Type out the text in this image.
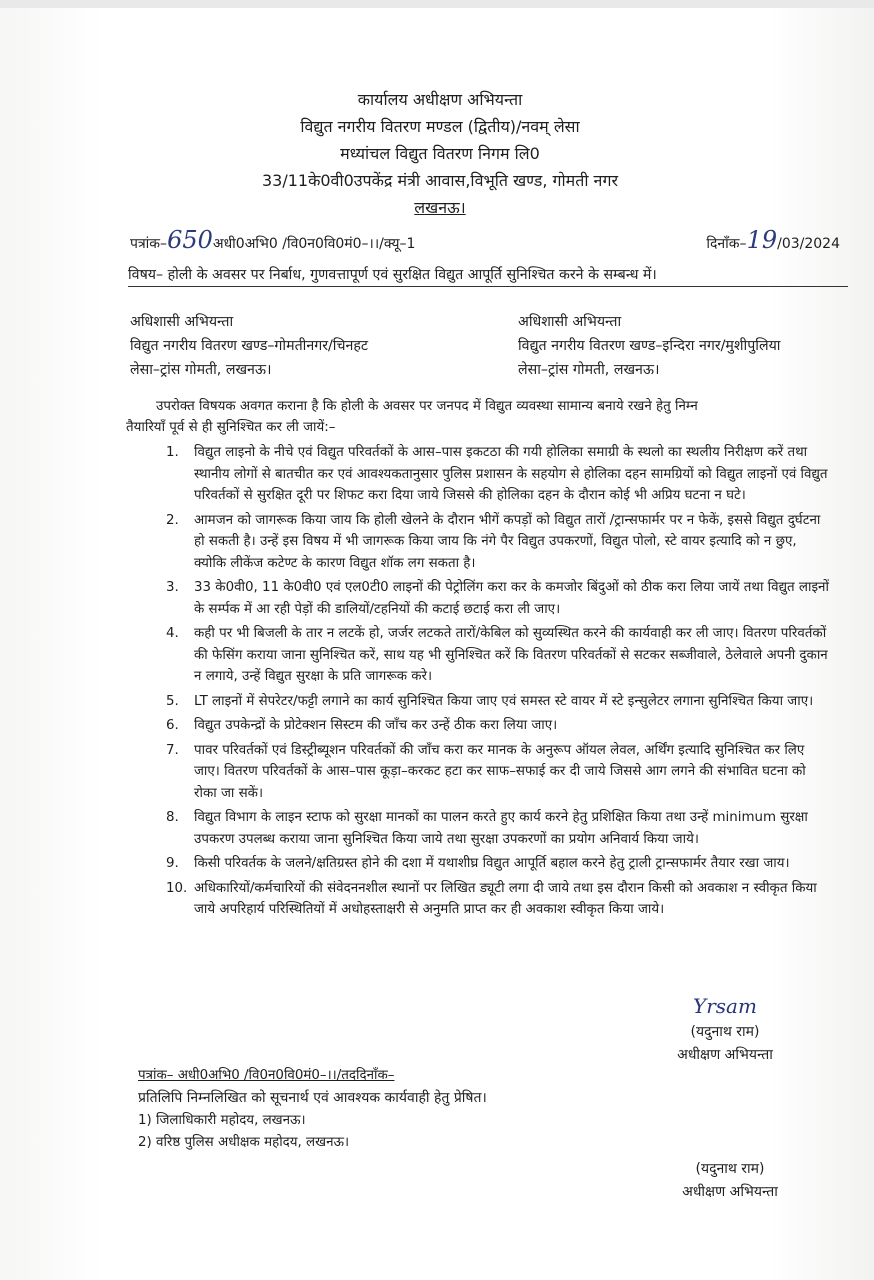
कार्यालय अधीक्षण अभियन्ता
विद्युत नगरीय वितरण मण्डल (द्वितीय)/नवम् लेसा
मध्यांचल विद्युत वितरण निगम लि0
33/11के0वी0उपकेंद्र मंत्री आवास,विभूति खण्ड, गोमती नगर
लखनऊ।
पत्रांक–650अधी0अभि0 /वि0न0वि0मं0–।।/क्यू–1	दिनाँक–19/03/2024
विषय– होली के अवसर पर निर्बाध, गुणवत्तापूर्ण एवं सुरक्षित विद्युत आपूर्ति सुनिश्चित करने के सम्बन्ध में।
अधिशासी अभियन्ता
विद्युत नगरीय वितरण खण्ड–गोमतीनगर/चिनहट
लेसा–ट्रांस गोमती, लखनऊ।
अधिशासी अभियन्ता
विद्युत नगरीय वितरण खण्ड–इन्दिरा नगर/मुशीपुलिया
लेसा–ट्रांस गोमती, लखनऊ।
उपरोक्त विषयक अवगत कराना है कि होली के अवसर पर जनपद में विद्युत व्यवस्था सामान्य बनाये रखने हेतु निम्न
तैयारियाँ पूर्व से ही सुनिश्चित कर ली जायें:–
1. विद्युत लाइनो के नीचे एवं विद्युत परिवर्तकों के आस–पास इकटठा की गयी होलिका समाग्री के स्थलो का स्थलीय निरीक्षण करें तथा स्थानीय लोगों से बातचीत कर एवं आवश्यकतानुसार पुलिस प्रशासन के सहयोग से होलिका दहन सामग्रियों को विद्युत लाइनों एवं विद्युत परिवर्तकों से सुरक्षित दूरी पर शिफट करा दिया जाये जिससे की होलिका दहन के दौरान कोई भी अप्रिय घटना न घटे।
2. आमजन को जागरूक किया जाय कि होली खेलने के दौरान भीगें कपड़ों को विद्युत तारों /ट्रान्सफार्मर पर न फेकें, इससे विद्युत दुर्घटना हो सकती है। उन्हें इस विषय में भी जागरूक किया जाय कि नंगे पैर विद्युत उपकरणों, विद्युत पोलो, स्टे वायर इत्यादि को न छुए, क्योकि लीकेंज कटेण्ट के कारण विद्युत शॉक लग सकता है।
3. 33 के0वी0, 11 के0वी0 एवं एल0टी0 लाइनों की पेट्रोलिंग करा कर के कमजोर बिंदुओं को ठीक करा लिया जायें तथा विद्युत लाइनों के सर्म्पक में आ रही पेड़ों की डालियों/टहनियों की कटाई छटाई करा ली जाए।
4. कही पर भी बिजली के तार न लटकें हो, जर्जर लटकते तारों/केबिल को सुव्यस्थित करने की कार्यवाही कर ली जाए। वितरण परिवर्तकों की फेसिंग कराया जाना सुनिश्चित करें, साथ यह भी सुनिश्चित करें कि वितरण परिवर्तकों से सटकर सब्जीवाले, ठेलेवाले अपनी दुकान न लगाये, उन्हें विद्युत सुरक्षा के प्रति जागरूक करे।
5. LT लाइनों में सेपरेटर/फट्टी लगाने का कार्य सुनिश्चित किया जाए एवं समस्त स्टे वायर में स्टे इन्सुलेटर लगाना सुनिश्चित किया जाए।
6. विद्युत उपकेन्द्रों के प्रोटेक्शन सिस्टम की जाँच कर उन्हें ठीक करा लिया जाए।
7. पावर परिवर्तकों एवं डिस्ट्रीब्यूशन परिवर्तकों की जाँच करा कर मानक के अनुरूप ऑयल लेवल, अर्थिंग इत्यादि सुनिश्चित कर लिए जाए। वितरण परिवर्तकों के आस–पास कूड़ा–करकट हटा कर साफ–सफाई कर दी जाये जिससे आग लगने की संभावित घटना को रोका जा सकें।
8. विद्युत विभाग के लाइन स्टाफ को सुरक्षा मानकों का पालन करते हुए कार्य करने हेतु प्रशिक्षित किया तथा उन्हें minimum सुरक्षा उपकरण उपलब्ध कराया जाना सुनिश्चित किया जाये तथा सुरक्षा उपकरणों का प्रयोग अनिवार्य किया जाये।
9. किसी परिवर्तक के जलने/क्षतिग्रस्त होने की दशा में यथाशीघ्र विद्युत आपूर्ति बहाल करने हेतु ट्राली ट्रान्सफार्मर तैयार रखा जाय।
10. अधिकारियों/कर्मचारियों की संवेदननशील स्थानों पर लिखित ड्यूटी लगा दी जाये तथा इस दौरान किसी को अवकाश न स्वीकृत किया जाये अपरिहार्य परिस्थितियों में अधोहस्ताक्षरी से अनुमति प्राप्त कर ही अवकाश स्वीकृत किया जाये।
Yrsam
(यदुनाथ राम)
अधीक्षण अभियन्ता
पत्रांक– अधी0अभि0 /वि0न0वि0मं0–।।/तददिनाँक–
प्रतिलिपि निम्नलिखित को सूचनार्थ एवं आवश्यक कार्यवाही हेतु प्रेषित।
1) जिलाधिकारी महोदय, लखनऊ।
2) वरिष्ठ पुलिस अधीक्षक महोदय, लखनऊ।
(यदुनाथ राम)
अधीक्षण अभियन्ता
